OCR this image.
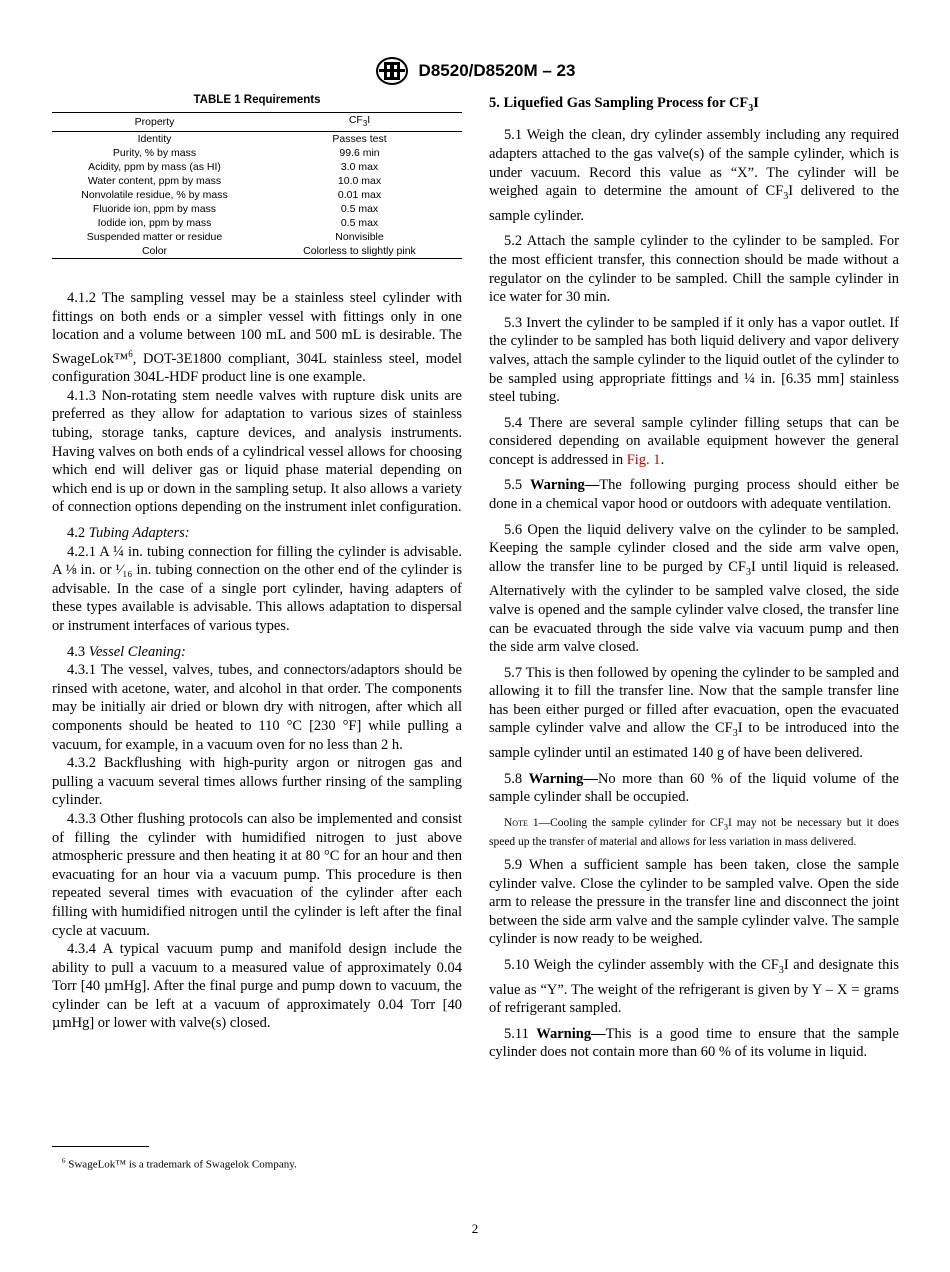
D8520/D8520M – 23
TABLE 1 Requirements
Property	$CF_3I$
Identity	Passes test
Purity, % by mass	99.6 min
Acidity, ppm by mass (as HI)	3.0 max
Water content, ppm by mass	10.0 max
Nonvolatile residue, % by mass	0.01 max
Fluoride ion, ppm by mass	0.5 max
Iodide ion, ppm by mass	0.5 max
Suspended matter or residue	Nonvisible
Color	Colorless to slightly pink

4.1.2 The sampling vessel may be a stainless steel cylinder with fittings on both ends or a simpler vessel with fittings only in one location and a volume between 100 mL and 500 mL is desirable. The SwageLok™$^6$, DOT-3E1800 compliant, 304L stainless steel, model configuration 304L-HDF product line is one example.

4.1.3 Non-rotating stem needle valves with rupture disk units are preferred as they allow for adaptation to various sizes of stainless tubing, storage tanks, capture devices, and analysis instruments. Having valves on both ends of a cylindrical vessel allows for choosing which end will deliver gas or liquid phase material depending on which end is up or down in the sampling setup. It also allows a variety of connection options depending on the instrument inlet configuration.

4.2 Tubing Adapters:

4.2.1 A ¼ in. tubing connection for filling the cylinder is advisable. A ⅛ in. or ¹⁄₁₆ in. tubing connection on the other end of the cylinder is advisable. In the case of a single port cylinder, having adapters of these types available is advisable. This allows adaptation to dispersal or instrument interfaces of various types.

4.3 Vessel Cleaning:

4.3.1 The vessel, valves, tubes, and connectors/adaptors should be rinsed with acetone, water, and alcohol in that order. The components may be initially air dried or blown dry with nitrogen, after which all components should be heated to 110 °C [230 °F] while pulling a vacuum, for example, in a vacuum oven for no less than 2 h.

4.3.2 Backflushing with high-purity argon or nitrogen gas and pulling a vacuum several times allows further rinsing of the sampling cylinder.

4.3.3 Other flushing protocols can also be implemented and consist of filling the cylinder with humidified nitrogen to just above atmospheric pressure and then heating it at 80 °C for an hour and then evacuating for an hour via a vacuum pump. This procedure is then repeated several times with evacuation of the cylinder after each filling with humidified nitrogen until the cylinder is left after the final cycle at vacuum.

4.3.4 A typical vacuum pump and manifold design include the ability to pull a vacuum to a measured value of approximately 0.04 Torr [40 µmHg]. After the final purge and pump down to vacuum, the cylinder can be left at a vacuum of approximately 0.04 Torr [40 µmHg] or lower with valve(s) closed.

5. Liquefied Gas Sampling Process for $CF_3I$

5.1 Weigh the clean, dry cylinder assembly including any required adapters attached to the gas valve(s) of the sample cylinder, which is under vacuum. Record this value as “X”. The cylinder will be weighed again to determine the amount of $CF_3I$ delivered to the sample cylinder.

5.2 Attach the sample cylinder to the cylinder to be sampled. For the most efficient transfer, this connection should be made without a regulator on the cylinder to be sampled. Chill the sample cylinder in ice water for 30 min.

5.3 Invert the cylinder to be sampled if it only has a vapor outlet. If the cylinder to be sampled has both liquid delivery and vapor delivery valves, attach the sample cylinder to the liquid outlet of the cylinder to be sampled using appropriate fittings and ¼ in. [6.35 mm] stainless steel tubing.

5.4 There are several sample cylinder filling setups that can be considered depending on available equipment however the general concept is addressed in Fig. 1.

5.5 Warning—The following purging process should either be done in a chemical vapor hood or outdoors with adequate ventilation.

5.6 Open the liquid delivery valve on the cylinder to be sampled. Keeping the sample cylinder closed and the side arm valve open, allow the transfer line to be purged by $CF_3I$ until liquid is released. Alternatively with the cylinder to be sampled valve closed, the side valve is opened and the sample cylinder valve closed, the transfer line can be evacuated through the side valve via vacuum pump and then the side arm valve closed.

5.7 This is then followed by opening the cylinder to be sampled and allowing it to fill the transfer line. Now that the sample transfer line has been either purged or filled after evacuation, open the evacuated sample cylinder valve and allow the $CF_3I$ to be introduced into the sample cylinder until an estimated 140 g of have been delivered.

5.8 Warning—No more than 60 % of the liquid volume of the sample cylinder shall be occupied.

Note 1—Cooling the sample cylinder for $CF_3I$ may not be necessary but it does speed up the transfer of material and allows for less variation in mass delivered.

5.9 When a sufficient sample has been taken, close the sample cylinder valve. Close the cylinder to be sampled valve. Open the side arm to release the pressure in the transfer line and disconnect the joint between the side arm valve and the sample cylinder valve. The sample cylinder is now ready to be weighed.

5.10 Weigh the cylinder assembly with the $CF_3I$ and designate this value as “Y”. The weight of the refrigerant is given by Y – X = grams of refrigerant sampled.

5.11 Warning—This is a good time to ensure that the sample cylinder does not contain more than 60 % of its volume in liquid.

$^6$ SwageLok™ is a trademark of Swagelok Company.
2
